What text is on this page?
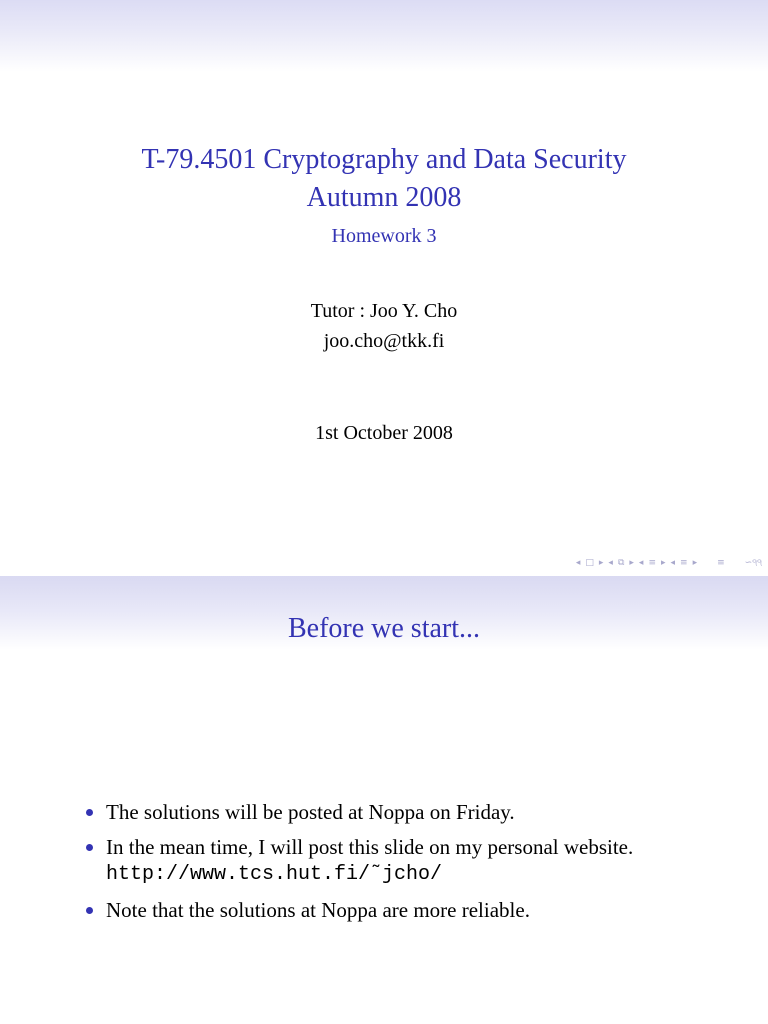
T-79.4501 Cryptography and Data Security
Autumn 2008
Homework 3
Tutor : Joo Y. Cho
joo.cho@tkk.fi
1st October 2008
◂ □ ▸ ◂ ⧉ ▸ ◂ ≡ ▸ ◂ ≡ ▸ ≡ ∽੧੧
Before we start...
The solutions will be posted at Noppa on Friday.
In the mean time, I will post this slide on my personal website.
http://www.tcs.hut.fi/˜jcho/
Note that the solutions at Noppa are more reliable.
